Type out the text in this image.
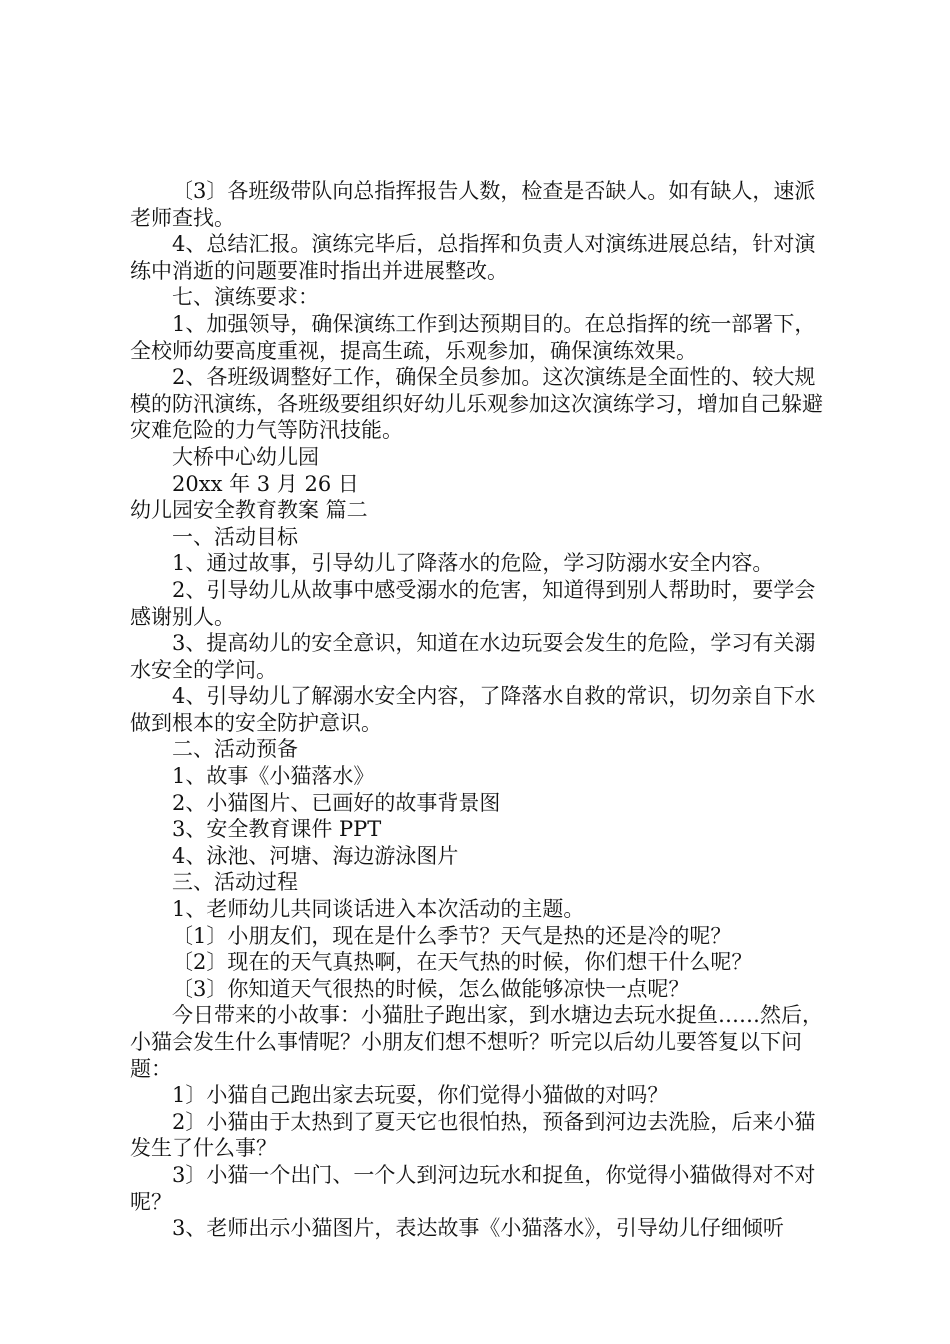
〔3〕各班级带队向总指挥报告人数，检查是否缺人。如有缺人，速派老师查找。

4、总结汇报。演练完毕后，总指挥和负责人对演练进展总结，针对演练中消逝的问题要准时指出并进展整改。

七、演练要求：

1、加强领导，确保演练工作到达预期目的。在总指挥的统一部署下，全校师幼要高度重视，提高生疏，乐观参加，确保演练效果。

2、各班级调整好工作，确保全员参加。这次演练是全面性的、较大规模的防汛演练，各班级要组织好幼儿乐观参加这次演练学习，增加自己躲避灾难危险的力气等防汛技能。

大桥中心幼儿园

20xx 年 3 月 26 日

幼儿园安全教育教案 篇二

一、活动目标

1、通过故事，引导幼儿了降落水的危险，学习防溺水安全内容。

2、引导幼儿从故事中感受溺水的危害，知道得到别人帮助时，要学会感谢别人。

3、提高幼儿的安全意识，知道在水边玩耍会发生的危险，学习有关溺水安全的学问。

4、引导幼儿了解溺水安全内容，了降落水自救的常识，切勿亲自下水做到根本的安全防护意识。

二、活动预备

1、故事《小猫落水》

2、小猫图片、已画好的故事背景图

3、安全教育课件 PPT

4、泳池、河塘、海边游泳图片

三、活动过程

1、老师幼儿共同谈话进入本次活动的主题。

〔1〕小朋友们，现在是什么季节？天气是热的还是冷的呢？

〔2〕现在的天气真热啊，在天气热的时候，你们想干什么呢？

〔3〕你知道天气很热的时候，怎么做能够凉快一点呢？

今日带来的小故事：小猫肚子跑出家，到水塘边去玩水捉鱼……然后，小猫会发生什么事情呢？小朋友们想不想听？听完以后幼儿要答复以下问题：

1〕小猫自己跑出家去玩耍，你们觉得小猫做的对吗？

2〕小猫由于太热到了夏天它也很怕热，预备到河边去洗脸，后来小猫发生了什么事？

3〕小猫一个出门、一个人到河边玩水和捉鱼，你觉得小猫做得对不对呢？

3、老师出示小猫图片，表达故事《小猫落水》，引导幼儿仔细倾听
